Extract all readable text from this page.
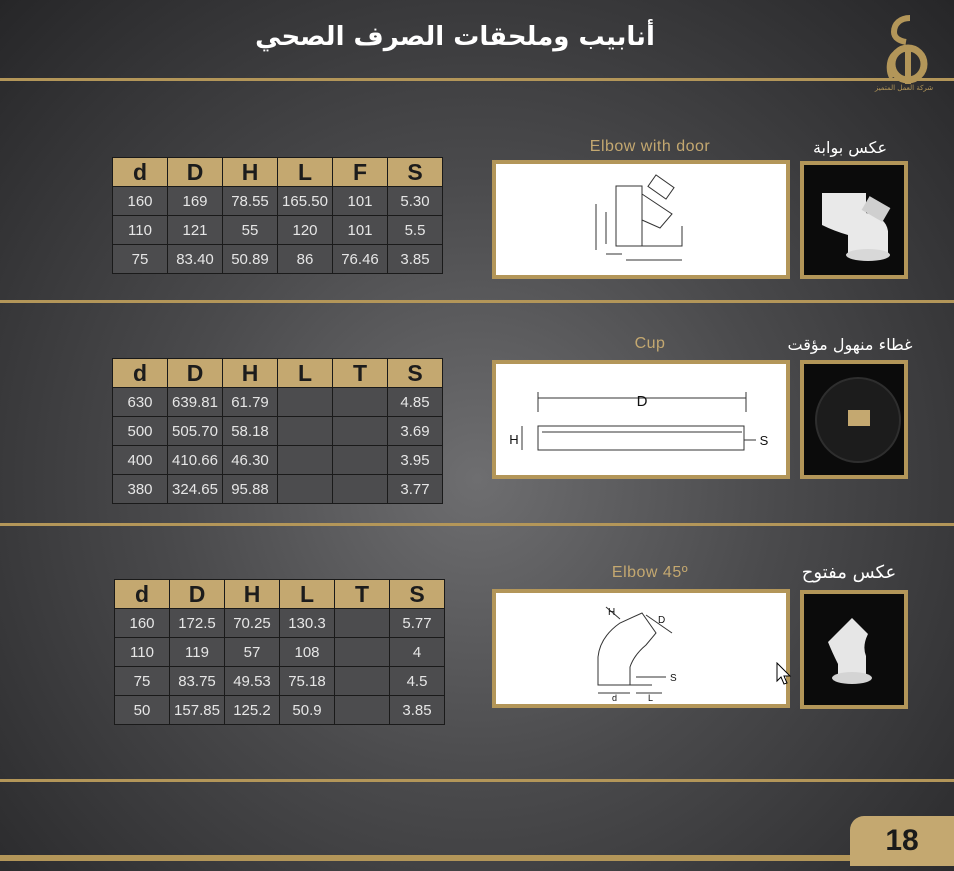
أنابيب وملحقات الصرف الصحي
شركة العمل المتميز
Elbow with door	عكس بوابة
d	D	H	L	F	S
160	169	78.55	165.50	101	5.30
110	121	55	120	101	5.5
75	83.40	50.89	86	76.46	3.85
Cup	غطاء منهول مؤقت
d	D	H	L	T	S
630	639.81	61.79			4.85
500	505.70	58.18			3.69
400	410.66	46.30			3.95
380	324.65	95.88			3.77
D
H	S
Elbow 45º	عكس مفتوح
d	D	H	L	T	S
160	172.5	70.25	130.3		5.77
110	119	57	108		4
75	83.75	49.53	75.18		4.5
50	157.85	125.2	50.9		3.85
H
D
S
d	L
18
